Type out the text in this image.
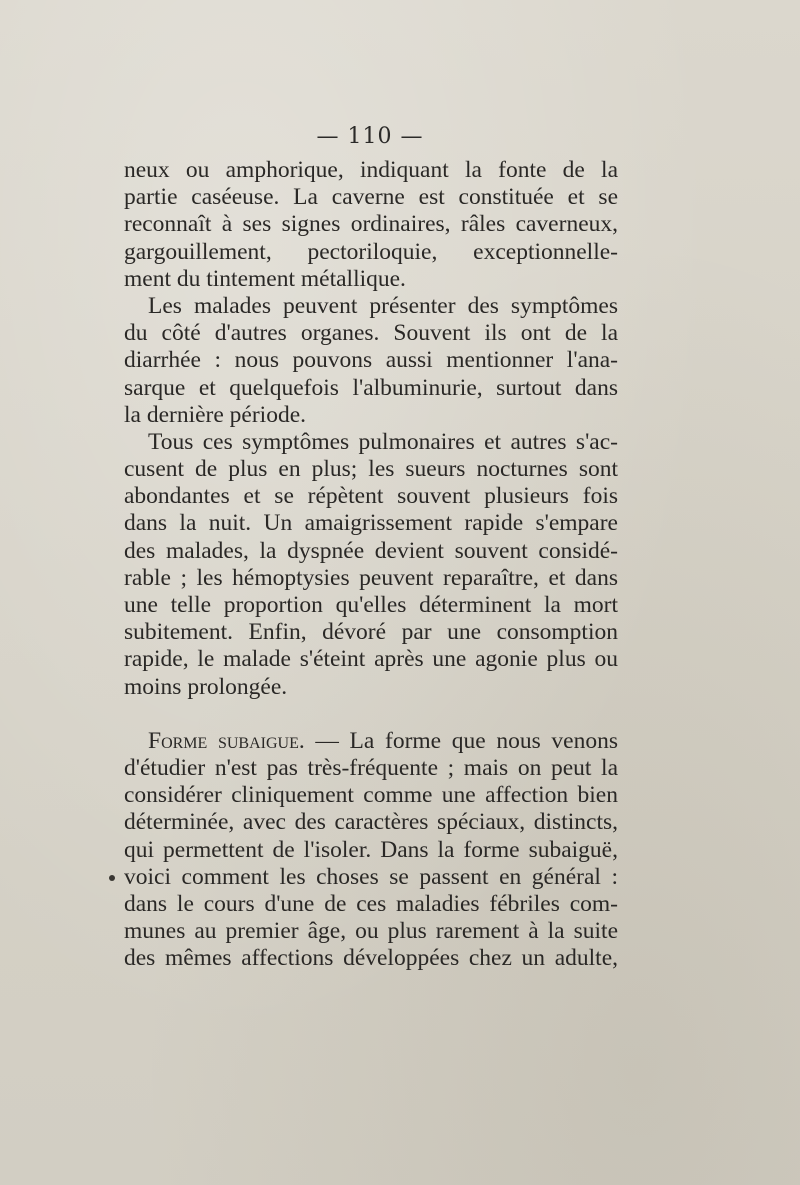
— 110 —
neux ou amphorique, indiquant la fonte de la
partie caséeuse. La caverne est constituée et se
reconnaît à ses signes ordinaires, râles caverneux,
gargouillement, pectoriloquie, exceptionnelle-
ment du tintement métallique.
Les malades peuvent présenter des symptômes
du côté d'autres organes. Souvent ils ont de la
diarrhée : nous pouvons aussi mentionner l'ana-
sarque et quelquefois l'albuminurie, surtout dans
la dernière période.
Tous ces symptômes pulmonaires et autres s'ac-
cusent de plus en plus; les sueurs nocturnes sont
abondantes et se répètent souvent plusieurs fois
dans la nuit. Un amaigrissement rapide s'empare
des malades, la dyspnée devient souvent considé-
rable ; les hémoptysies peuvent reparaître, et dans
une telle proportion qu'elles déterminent la mort
subitement. Enfin, dévoré par une consomption
rapide, le malade s'éteint après une agonie plus ou
moins prolongée.
Forme subaigue. — La forme que nous venons
d'étudier n'est pas très-fréquente ; mais on peut la
considérer cliniquement comme une affection bien
déterminée, avec des caractères spéciaux, distincts,
qui permettent de l'isoler. Dans la forme subaiguë,
voici comment les choses se passent en général :
dans le cours d'une de ces maladies fébriles com-
munes au premier âge, ou plus rarement à la suite
des mêmes affections développées chez un adulte,
